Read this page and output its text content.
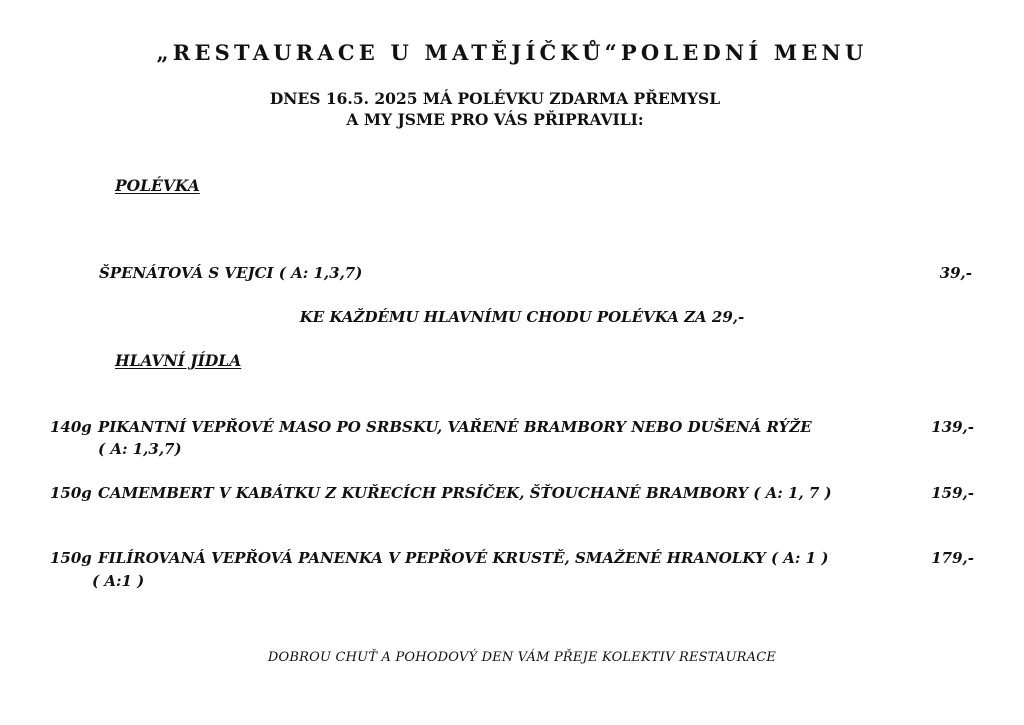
„RESTAURACE U MATĚJÍČKŮ“POLEDNÍ MENU
DNES 16.5. 2025 MÁ POLÉVKU ZDARMA PŘEMYSL
A MY JSME PRO VÁS PŘIPRAVILI:
POLÉVKA
ŠPENÁTOVÁ S VEJCI ( A: 1,3,7)	39,-
KE KAŽDÉMU HLAVNÍMU CHODU POLÉVKA ZA 29,-
HLAVNÍ JÍDLA
140g PIKANTNÍ VEPŘOVÉ MASO PO SRBSKU, VAŘENÉ BRAMBORY NEBO DUŠENÁ RÝŽE
( A: 1,3,7)
139,-
150g CAMEMBERT V KABÁTKU Z KUŘECÍCH PRSÍČEK, ŠŤOUCHANÉ BRAMBORY ( A: 1, 7 )	159,-
150g FILÍROVANÁ VEPŘOVÁ PANENKA V PEPŘOVÉ KRUSTĚ, SMAŽENÉ HRANOLKY ( A: 1 )
( A:1 )
179,-
DOBROU CHUŤ A POHODOVÝ DEN VÁM PŘEJE KOLEKTIV RESTAURACE
